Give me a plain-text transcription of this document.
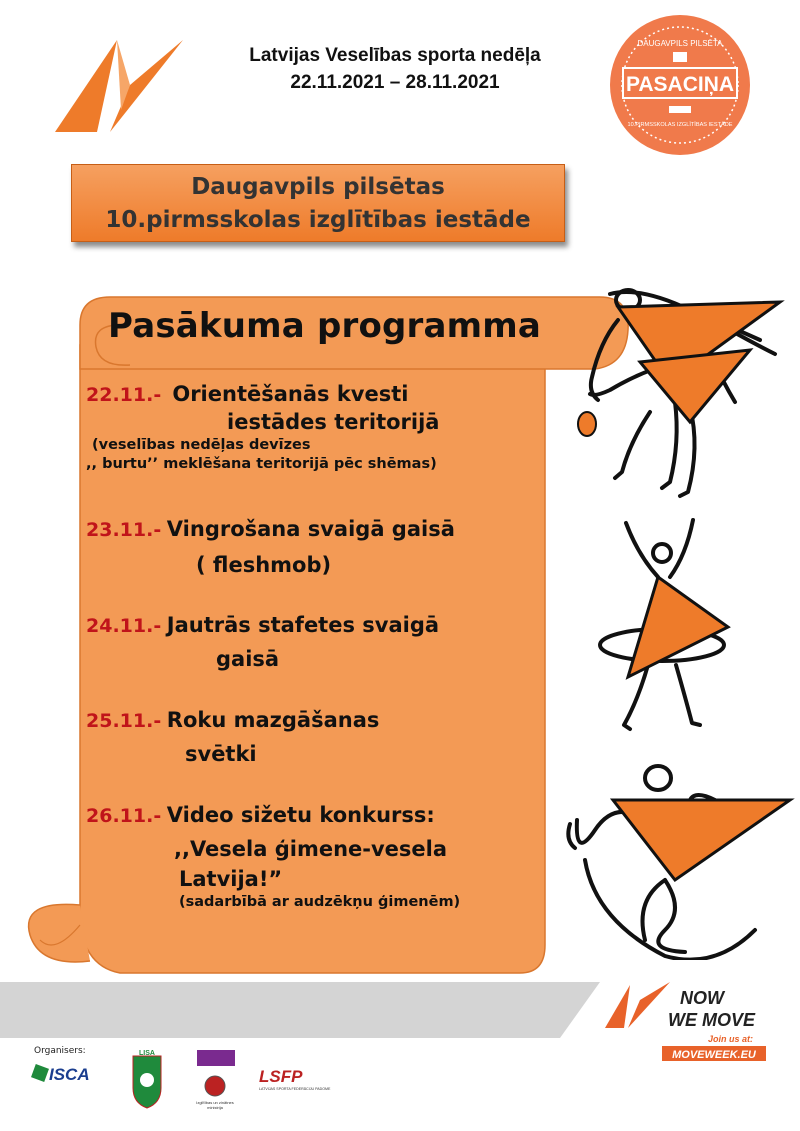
Latvijas Veselības sporta nedēļa
22.11.2021 – 28.11.2021	PASACIŅA
DAUGAVPILS PILSĒTA
10.PIRMSSKOLAS IZGLĪTĪBAS IESTĀDE
Daugavpils pilsētas
10.pirmsskolas izglītības iestāde
Pasākuma programma
22.11.- Orientēšanās kvesti
iestādes teritorijā
(veselības nedēļas devīzes
,, burtu’’ meklēšana teritorijā pēc shēmas)
23.11.- Vingrošana svaigā gaisā
( fleshmob)
24.11.- Jautrās stafetes svaigā
gaisā
25.11.- Roku mazgāšanas
svētki
26.11.- Video sižetu konkurss:
,,Vesela ģimene-vesela
Latvija!”
(sadarbībā ar audzēkņu ģimenēm)
NOW
WE MOVE
Join us at:
MOVEWEEK.EU
Organisers:
ISCA
LISA
Izglītības un zinātnes
ministrija
LSFP
LATVIJAS SPORTA FEDERĀCIJU PADOME
